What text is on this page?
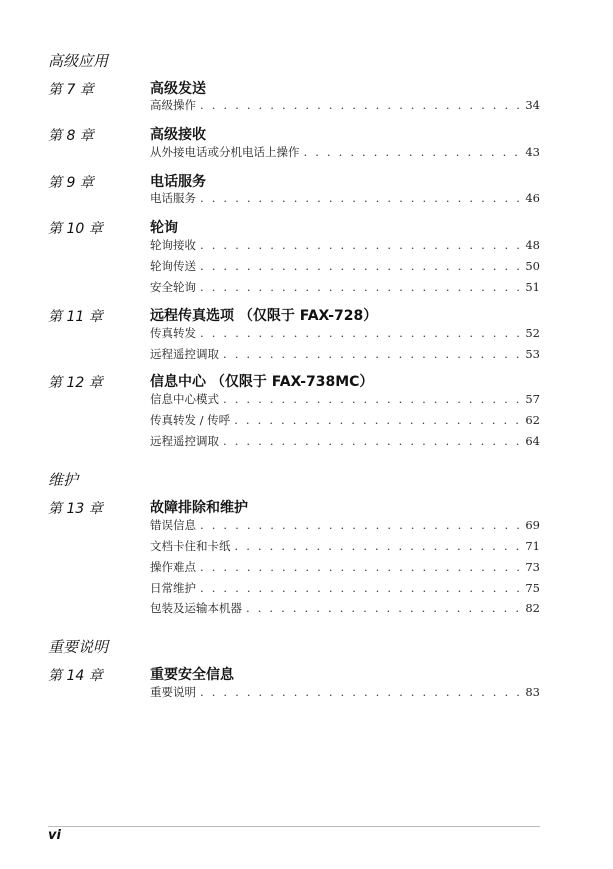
高级应用
第 7 章	高级发送
高级操作 . . .	34
第 8 章	高级接收
从外接电话或分机电话上操作 . . .	43
第 9 章	电话服务
电话服务 . . .	46
第 10 章	轮询
轮询接收 . . .	48
轮询传送 . . .	50
安全轮询 . . .	51
第 11 章	远程传真选项 （仅限于 FAX-728）
传真转发 . . .	52
远程遥控调取 . . .	53
第 12 章	信息中心 （仅限于 FAX-738MC）
信息中心模式 . . .	57
传真转发 / 传呼 . . .	62
远程遥控调取 . . .	64
维护
第 13 章	故障排除和维护
错误信息 . . .	69
文档卡住和卡纸 . . .	71
操作难点 . . .	73
日常维护 . . .	75
包装及运输本机器 . . .	82
重要说明
第 14 章	重要安全信息
重要说明 . . .	83
vi
